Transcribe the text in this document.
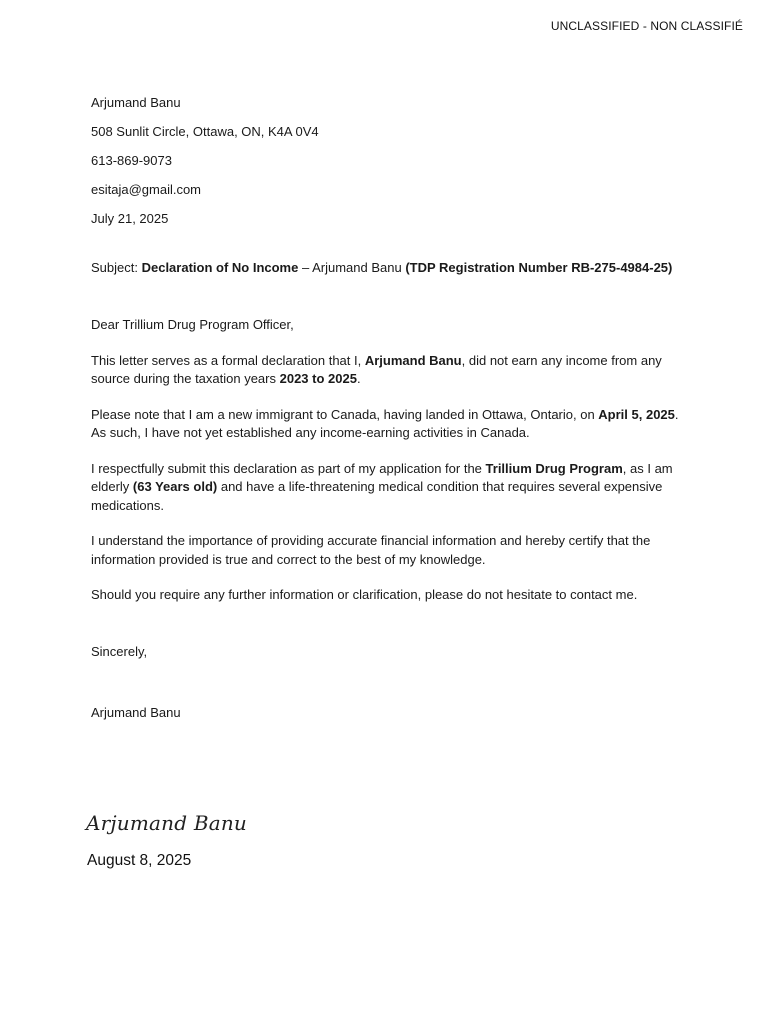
UNCLASSIFIED - NON CLASSIFIÉ

Arjumand Banu

508 Sunlit Circle, Ottawa, ON, K4A 0V4

613-869-9073

esitaja@gmail.com

July 21, 2025

Subject: Declaration of No Income – Arjumand Banu (TDP Registration Number RB-275-4984-25)

Dear Trillium Drug Program Officer,

This letter serves as a formal declaration that I, Arjumand Banu, did not earn any income from any source during the taxation years 2023 to 2025.

Please note that I am a new immigrant to Canada, having landed in Ottawa, Ontario, on April 5, 2025. As such, I have not yet established any income-earning activities in Canada.

I respectfully submit this declaration as part of my application for the Trillium Drug Program, as I am elderly (63 Years old) and have a life-threatening medical condition that requires several expensive medications.

I understand the importance of providing accurate financial information and hereby certify that the information provided is true and correct to the best of my knowledge.

Should you require any further information or clarification, please do not hesitate to contact me.

Sincerely,

Arjumand Banu

Arjumand Banu
August 8, 2025
